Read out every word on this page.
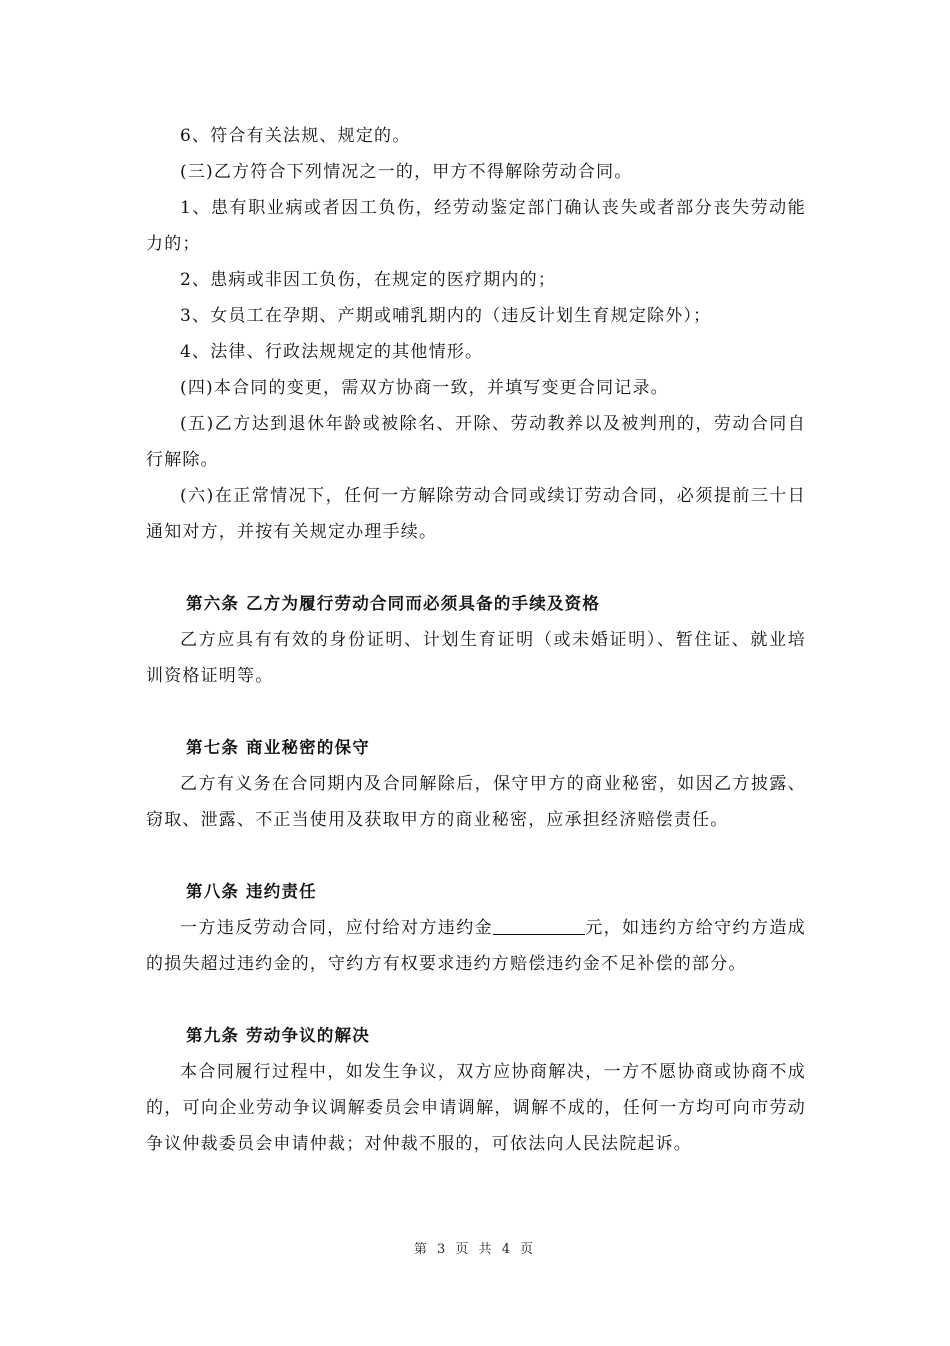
6、符合有关法规、规定的。

(三)乙方符合下列情况之一的，甲方不得解除劳动合同。

1、患有职业病或者因工负伤，经劳动鉴定部门确认丧失或者部分丧失劳动能力的；

2、患病或非因工负伤，在规定的医疗期内的；

3、女员工在孕期、产期或哺乳期内的（违反计划生育规定除外）；

4、法律、行政法规规定的其他情形。

(四)本合同的变更，需双方协商一致，并填写变更合同记录。

(五)乙方达到退休年龄或被除名、开除、劳动教养以及被判刑的，劳动合同自行解除。

(六)在正常情况下，任何一方解除劳动合同或续订劳动合同，必须提前三十日通知对方，并按有关规定办理手续。

第六条 乙方为履行劳动合同而必须具备的手续及资格

乙方应具有有效的身份证明、计划生育证明（或未婚证明）、暂住证、就业培训资格证明等。

第七条 商业秘密的保守

乙方有义务在合同期内及合同解除后，保守甲方的商业秘密，如因乙方披露、窃取、泄露、不正当使用及获取甲方的商业秘密，应承担经济赔偿责任。

第八条 违约责任

一方违反劳动合同，应付给对方违约金	元，如违约方给守约方造成的损失超过违约金的，守约方有权要求违约方赔偿违约金不足补偿的部分。

第九条 劳动争议的解决

本合同履行过程中，如发生争议，双方应协商解决，一方不愿协商或协商不成的，可向企业劳动争议调解委员会申请调解，调解不成的，任何一方均可向市劳动争议仲裁委员会申请仲裁；对仲裁不服的，可依法向人民法院起诉。

第 3 页 共 4 页
